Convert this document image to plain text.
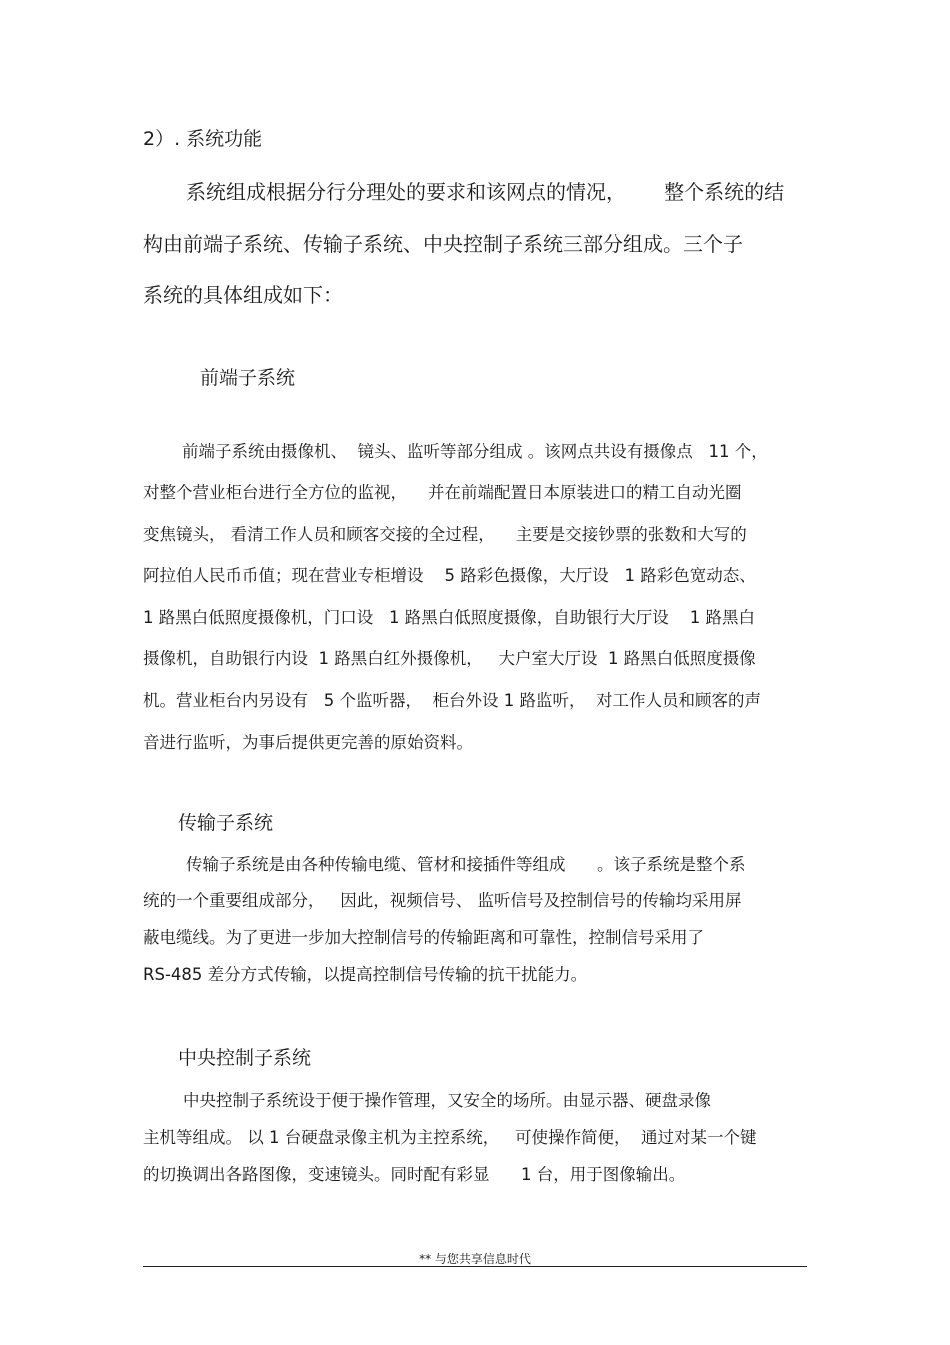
2）. 系统功能
系统组成根据分行分理处的要求和该网点的情况，      整个系统的结
构由前端子系统、传输子系统、中央控制子系统三部分组成。三个子
系统的具体组成如下：
前端子系统
前端子系统由摄像机、  镜头、监听等部分组成 。该网点共设有摄像点   11 个，
对整个营业柜台进行全方位的监视，    并在前端配置日本原装进口的精工自动光圈
变焦镜头， 看清工作人员和顾客交接的全过程，    主要是交接钞票的张数和大写的
阿拉伯人民币币值；现在营业专柜增设    5 路彩色摄像，大厅设   1 路彩色宽动态、
1 路黑白低照度摄像机，门口设   1 路黑白低照度摄像，自助银行大厅设    1 路黑白
摄像机，自助银行内设  1 路黑白红外摄像机，   大户室大厅设  1 路黑白低照度摄像
机。营业柜台内另设有   5 个监听器，  柜台外设 1 路监听，  对工作人员和顾客的声
音进行监听，为事后提供更完善的原始资料。
传输子系统
传输子系统是由各种传输电缆、管材和接插件等组成      。该子系统是整个系
统的一个重要组成部分，   因此，视频信号、 监听信号及控制信号的传输均采用屏
蔽电缆线。为了更进一步加大控制信号的传输距离和可靠性，控制信号采用了
RS-485 差分方式传输，以提高控制信号传输的抗干扰能力。
中央控制子系统
中央控制子系统设于便于操作管理，又安全的场所。由显示器、硬盘录像
主机等组成。 以 1 台硬盘录像主机为主控系统，   可使操作简便，  通过对某一个键
的切换调出各路图像，变速镜头。同时配有彩显      1 台，用于图像输出。
** 与您共享信息时代
